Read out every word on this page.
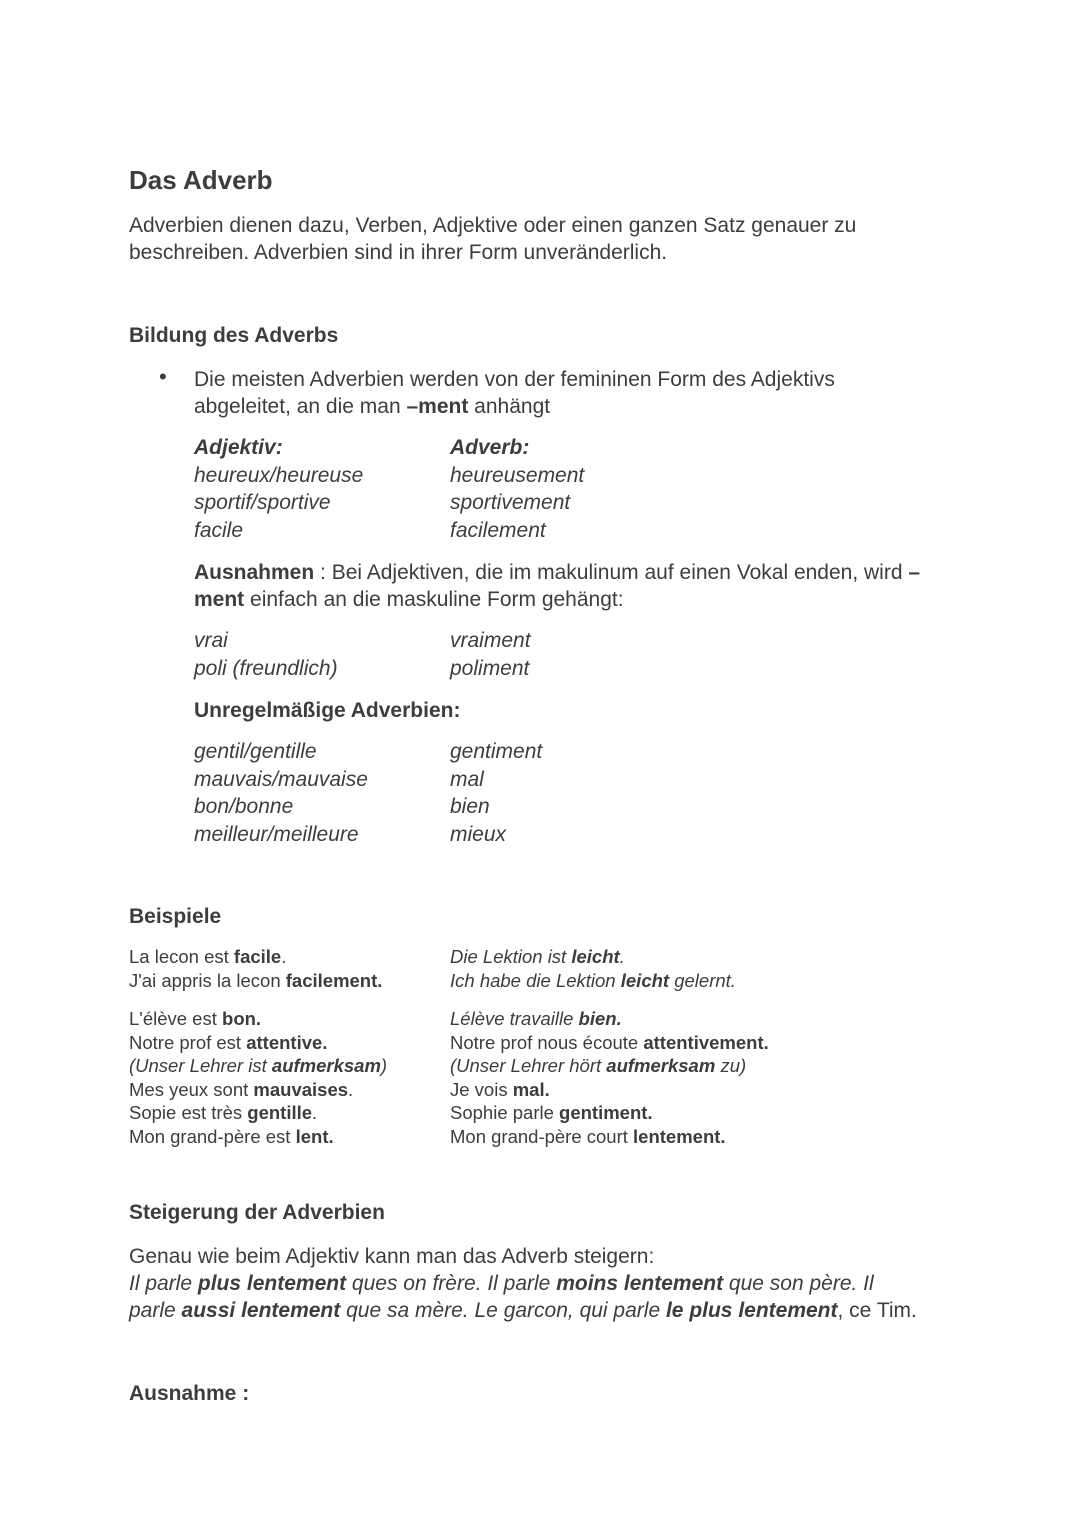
Das Adverb
Adverbien dienen dazu, Verben, Adjektive oder einen ganzen Satz genauer zu
beschreiben. Adverbien sind in ihrer Form unveränderlich.
Bildung des Adverbs
• Die meisten Adverbien werden von der femininen Form des Adjektivs
abgeleitet, an die man –ment anhängt
Adjektiv:
heureux/heureuse
sportif/sportive
facile
Adverb:
heureusement
sportivement
facilement
Ausnahmen : Bei Adjektiven, die im makulinum auf einen Vokal enden, wird –
ment einfach an die maskuline Form gehängt:
vrai
poli (freundlich)
vraiment
poliment
Unregelmäßige Adverbien:
gentil/gentille
mauvais/mauvaise
bon/bonne
meilleur/meilleure
gentiment
mal
bien
mieux
Beispiele
La lecon est facile.
J'ai appris la lecon facilement.
Die Lektion ist leicht.
Ich habe die Lektion leicht gelernt.
L'élève est bon.
Notre prof est attentive.
(Unser Lehrer ist aufmerksam)
Mes yeux sont mauvaises.
Sopie est très gentille.
Mon grand-père est lent.
Lélève travaille bien.
Notre prof nous écoute attentivement.
(Unser Lehrer hört aufmerksam zu)
Je vois mal.
Sophie parle gentiment.
Mon grand-père court lentement.
Steigerung der Adverbien
Genau wie beim Adjektiv kann man das Adverb steigern:
Il parle plus lentement ques on frère. Il parle moins lentement que son père. Il
parle aussi lentement que sa mère. Le garcon, qui parle le plus lentement, ce Tim.
Ausnahme :
